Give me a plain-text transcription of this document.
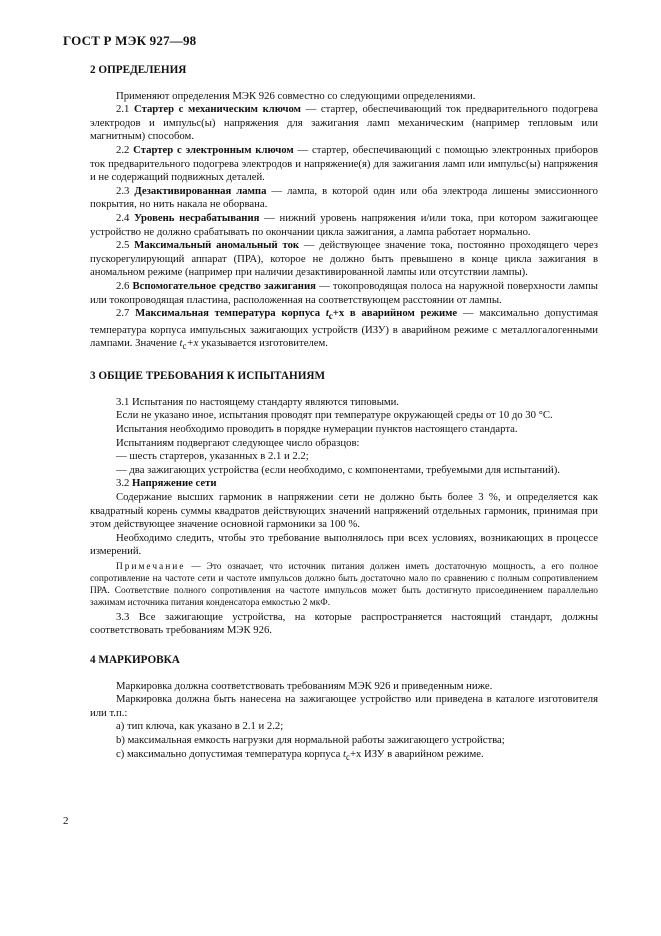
ГОСТ Р МЭК 927—98
2 ОПРЕДЕЛЕНИЯ

Применяют определения МЭК 926 совместно со следующими определениями.

2.1 Стартер с механическим ключом — стартер, обеспечивающий ток предварительного подогрева электродов и импульс(ы) напряжения для зажигания ламп механическим (например тепловым или магнитным) способом.

2.2 Стартер с электронным ключом — стартер, обеспечивающий с помощью электронных приборов ток предварительного подогрева электродов и напряжение(я) для зажигания ламп или импульс(ы) напряжения и не содержащий подвижных деталей.

2.3 Дезактивированная лампа — лампа, в которой один или оба электрода лишены эмиссионного покрытия, но нить накала не оборвана.

2.4 Уровень несрабатывания — нижний уровень напряжения и/или тока, при котором зажигающее устройство не должно срабатывать по окончании цикла зажигания, а лампа работает нормально.

2.5 Максимальный аномальный ток — действующее значение тока, постоянно проходящего через пускорегулирующий аппарат (ПРА), которое не должно быть превышено в конце цикла зажигания в аномальном режиме (например при наличии дезактивированной лампы или отсутствии лампы).

2.6 Вспомогательное средство зажигания — токопроводящая полоса на наружной поверхности лампы или токопроводящая пластина, расположенная на соответствующем расстоянии от лампы.

2.7 Максимальная температура корпуса $t_с+x$ в аварийном режиме — максимально допустимая температура корпуса импульсных зажигающих устройств (ИЗУ) в аварийном режиме с металлогалогенными лампами. Значение $t_с+x$ указывается изготовителем.

3 ОБЩИЕ ТРЕБОВАНИЯ К ИСПЫТАНИЯМ

3.1 Испытания по настоящему стандарту являются типовыми.

Если не указано иное, испытания проводят при температуре окружающей среды от 10 до 30 °С.

Испытания необходимо проводить в порядке нумерации пунктов настоящего стандарта.

Испытаниям подвергают следующее число образцов:

— шесть стартеров, указанных в 2.1 и 2.2;

— два зажигающих устройства (если необходимо, с компонентами, требуемыми для испытаний).

3.2 Напряжение сети

Содержание высших гармоник в напряжении сети не должно быть более 3 %, и определяется как квадратный корень суммы квадратов действующих значений напряжений отдельных гармоник, принимая при этом действующее значение основной гармоники за 100 %.

Необходимо следить, чтобы это требование выполнялось при всех условиях, возникающих в процессе измерений.

Примечание — Это означает, что источник питания должен иметь достаточную мощность, а его полное сопротивление на частоте сети и частоте импульсов должно быть достаточно мало по сравнению с полным сопротивлением ПРА. Соответствие полного сопротивления на частоте импульсов может быть достигнуто присоединением параллельно зажимам источника питания конденсатора емкостью 2 мкФ.

3.3 Все зажигающие устройства, на которые распространяется настоящий стандарт, должны соответствовать требованиям МЭК 926.

4 МАРКИРОВКА

Маркировка должна соответствовать требованиям МЭК 926 и приведенным ниже.

Маркировка должна быть нанесена на зажигающее устройство или приведена в каталоге изготовителя или т.п.:

а) тип ключа, как указано в 2.1 и 2.2;

b) максимальная емкость нагрузки для нормальной работы зажигающего устройства;

c) максимально допустимая температура корпуса $t_с+x$ ИЗУ в аварийном режиме.

2
